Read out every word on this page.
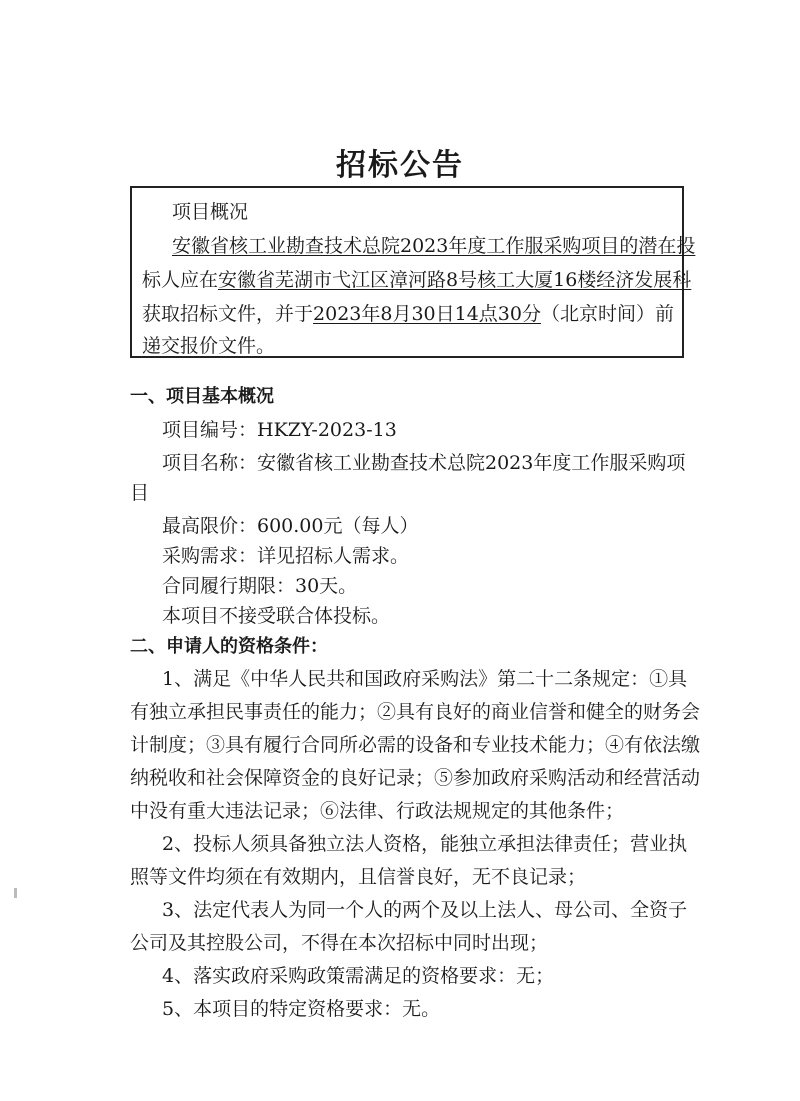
招标公告
项目概况
安徽省核工业勘查技术总院2023年度工作服采购项目的潜在投
标人应在安徽省芜湖市弋江区漳河路8号核工大厦16楼经济发展科
获取招标文件，并于2023年8月30日14点30分（北京时间）前
递交报价文件。
一、项目基本概况
项目编号：HKZY-2023-13
项目名称：安徽省核工业勘查技术总院2023年度工作服采购项
目
最高限价：600.00元（每人）
采购需求：详见招标人需求。
合同履行期限：30天。
本项目不接受联合体投标。
二、申请人的资格条件：
1、满足《中华人民共和国政府采购法》第二十二条规定：①具
有独立承担民事责任的能力；②具有良好的商业信誉和健全的财务会
计制度；③具有履行合同所必需的设备和专业技术能力；④有依法缴
纳税收和社会保障资金的良好记录；⑤参加政府采购活动和经营活动
中没有重大违法记录；⑥法律、行政法规规定的其他条件；
2、投标人须具备独立法人资格，能独立承担法律责任；营业执
照等文件均须在有效期内，且信誉良好，无不良记录；
3、法定代表人为同一个人的两个及以上法人、母公司、全资子
公司及其控股公司，不得在本次招标中同时出现；
4、落实政府采购政策需满足的资格要求：无；
5、本项目的特定资格要求：无。
